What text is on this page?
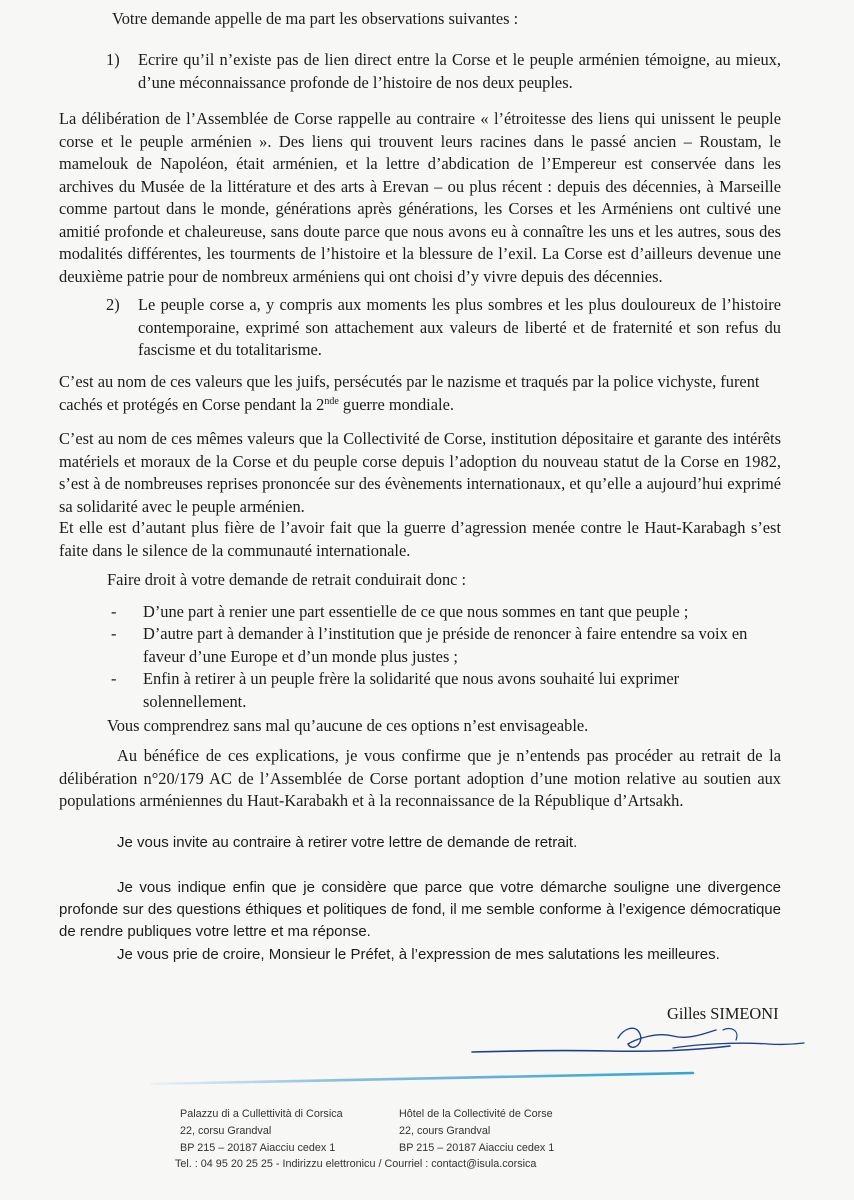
Votre demande appelle de ma part les observations suivantes :

1) Ecrire qu’il n’existe pas de lien direct entre la Corse et le peuple arménien témoigne, au mieux, d’une méconnaissance profonde de l’histoire de nos deux peuples.

La délibération de l’Assemblée de Corse rappelle au contraire « l’étroitesse des liens qui unissent le peuple corse et le peuple arménien ». Des liens qui trouvent leurs racines dans le passé ancien – Roustam, le mamelouk de Napoléon, était arménien, et la lettre d’abdication de l’Empereur est conservée dans les archives du Musée de la littérature et des arts à Erevan – ou plus récent : depuis des décennies, à Marseille comme partout dans le monde, générations après générations, les Corses et les Arméniens ont cultivé une amitié profonde et chaleureuse, sans doute parce que nous avons eu à connaître les uns et les autres, sous des modalités différentes, les tourments de l’histoire et la blessure de l’exil. La Corse est d’ailleurs devenue une deuxième patrie pour de nombreux arméniens qui ont choisi d’y vivre depuis des décennies.

2) Le peuple corse a, y compris aux moments les plus sombres et les plus douloureux de l’histoire contemporaine, exprimé son attachement aux valeurs de liberté et de fraternité et son refus du fascisme et du totalitarisme.

C’est au nom de ces valeurs que les juifs, persécutés par le nazisme et traqués par la police vichyste, furent cachés et protégés en Corse pendant la 2nde guerre mondiale.

C’est au nom de ces mêmes valeurs que la Collectivité de Corse, institution dépositaire et garante des intérêts matériels et moraux de la Corse et du peuple corse depuis l’adoption du nouveau statut de la Corse en 1982, s’est à de nombreuses reprises prononcée sur des évènements internationaux, et qu’elle a aujourd’hui exprimé sa solidarité avec le peuple arménien.

Et elle est d’autant plus fière de l’avoir fait que la guerre d’agression menée contre le Haut-Karabagh s’est faite dans le silence de la communauté internationale.

Faire droit à votre demande de retrait conduirait donc :

- D’une part à renier une part essentielle de ce que nous sommes en tant que peuple ;

- D’autre part à demander à l’institution que je préside de renoncer à faire entendre sa voix en faveur d’une Europe et d’un monde plus justes ;

- Enfin à retirer à un peuple frère la solidarité que nous avons souhaité lui exprimer solennellement.

Vous comprendrez sans mal qu’aucune de ces options n’est envisageable.

Au bénéfice de ces explications, je vous confirme que je n’entends pas procéder au retrait de la délibération n°20/179 AC de l’Assemblée de Corse portant adoption d’une motion relative au soutien aux populations arméniennes du Haut-Karabakh et à la reconnaissance de la République d’Artsakh.

Je vous invite au contraire à retirer votre lettre de demande de retrait.

Je vous indique enfin que je considère que parce que votre démarche souligne une divergence profonde sur des questions éthiques et politiques de fond, il me semble conforme à l’exigence démocratique de rendre publiques votre lettre et ma réponse.

Je vous prie de croire, Monsieur le Préfet, à l’expression de mes salutations les meilleures.

Gilles SIMEONI
Palazzu di a Cullettività di Corsica
22, corsu Grandval
BP 215 – 20187 Aiacciu cedex 1
Hôtel de la Collectivité de Corse
22, cours Grandval
BP 215 – 20187 Aiacciu cedex 1
Tel. : 04 95 20 25 25 - Indirizzu elettronicu / Courriel : contact@isula.corsica
